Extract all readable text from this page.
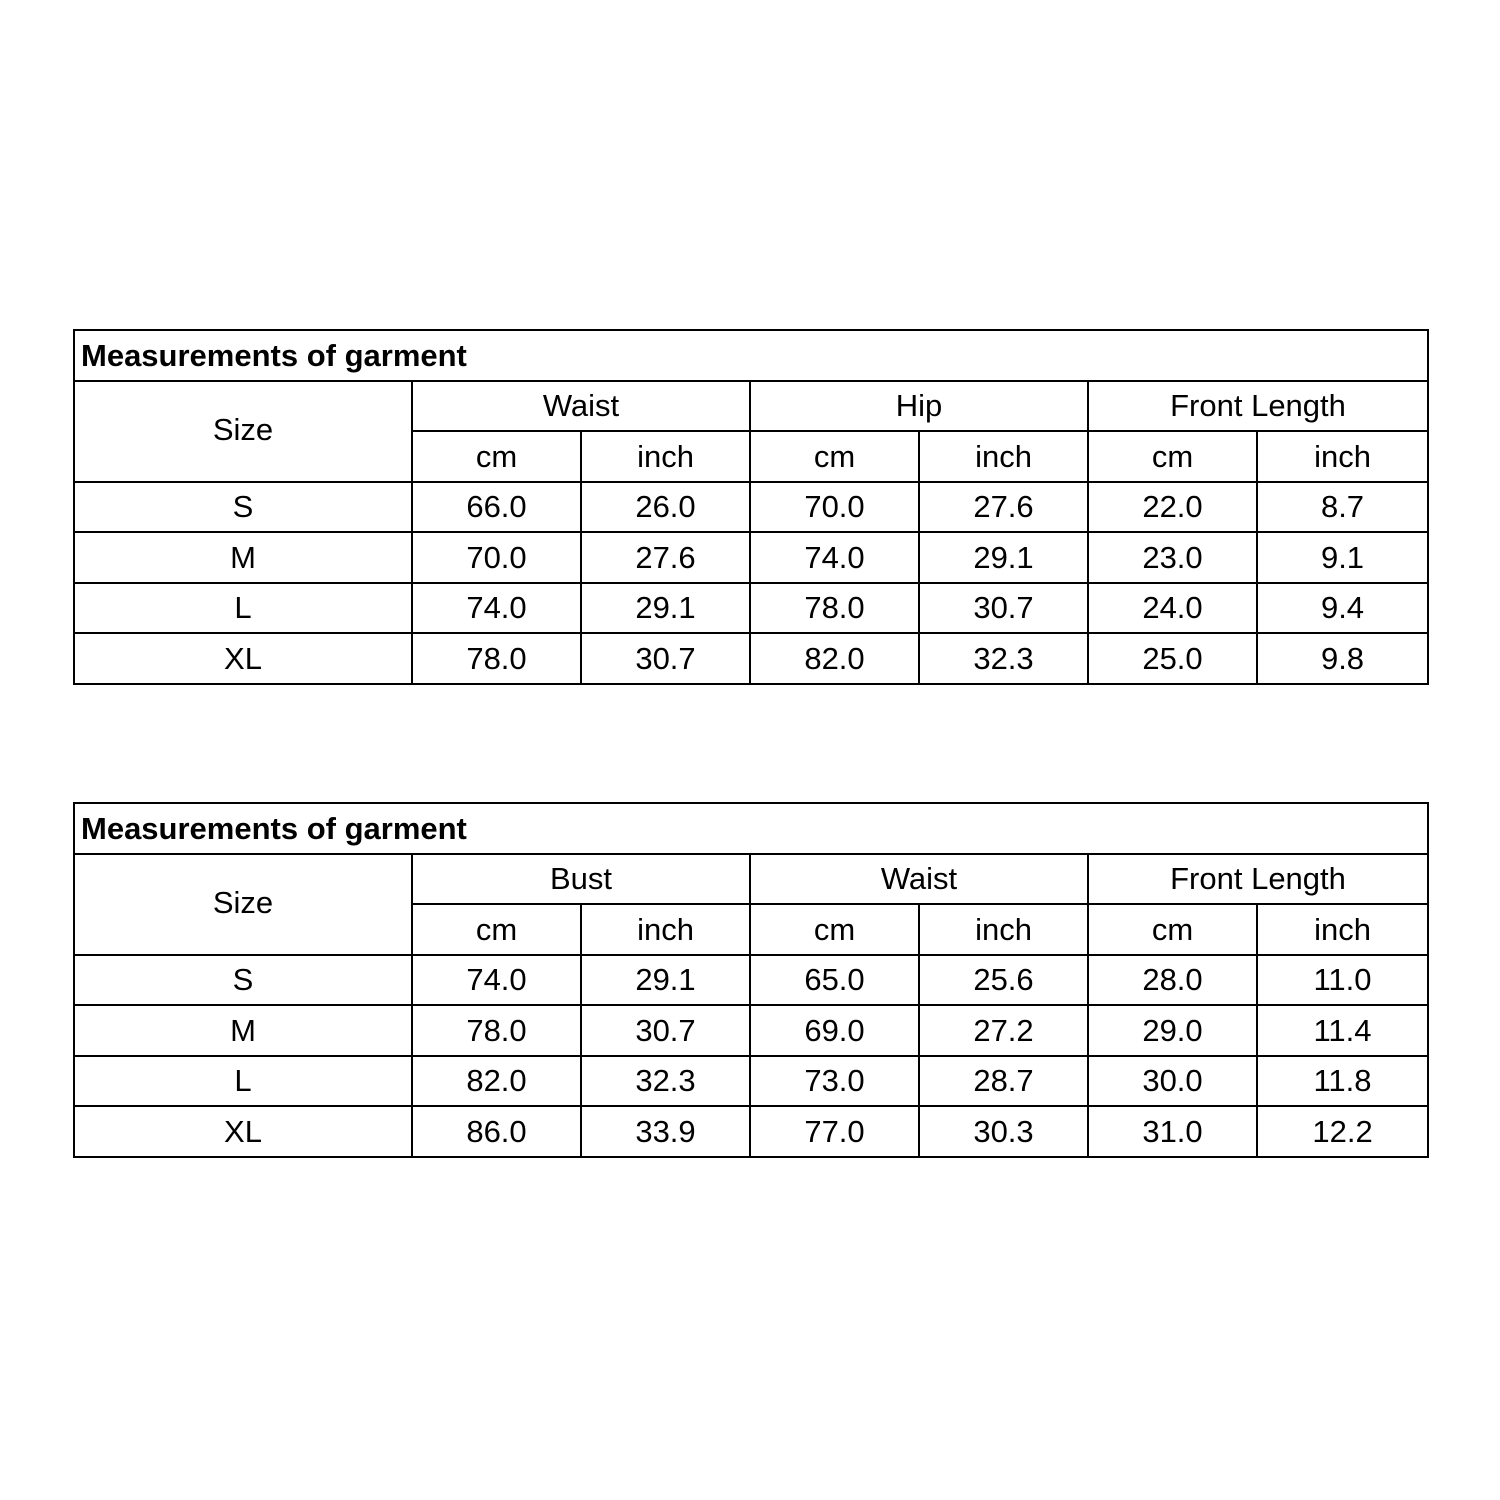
Measurements of garment						
Size	Waist		Hip		Front Length	
	cm	inch	cm	inch	cm	inch
S	66.0	26.0	70.0	27.6	22.0	8.7
M	70.0	27.6	74.0	29.1	23.0	9.1
L	74.0	29.1	78.0	30.7	24.0	9.4
XL	78.0	30.7	82.0	32.3	25.0	9.8
Measurements of garment						
Size	Bust		Waist		Front Length	
	cm	inch	cm	inch	cm	inch
S	74.0	29.1	65.0	25.6	28.0	11.0
M	78.0	30.7	69.0	27.2	29.0	11.4
L	82.0	32.3	73.0	28.7	30.0	11.8
XL	86.0	33.9	77.0	30.3	31.0	12.2
